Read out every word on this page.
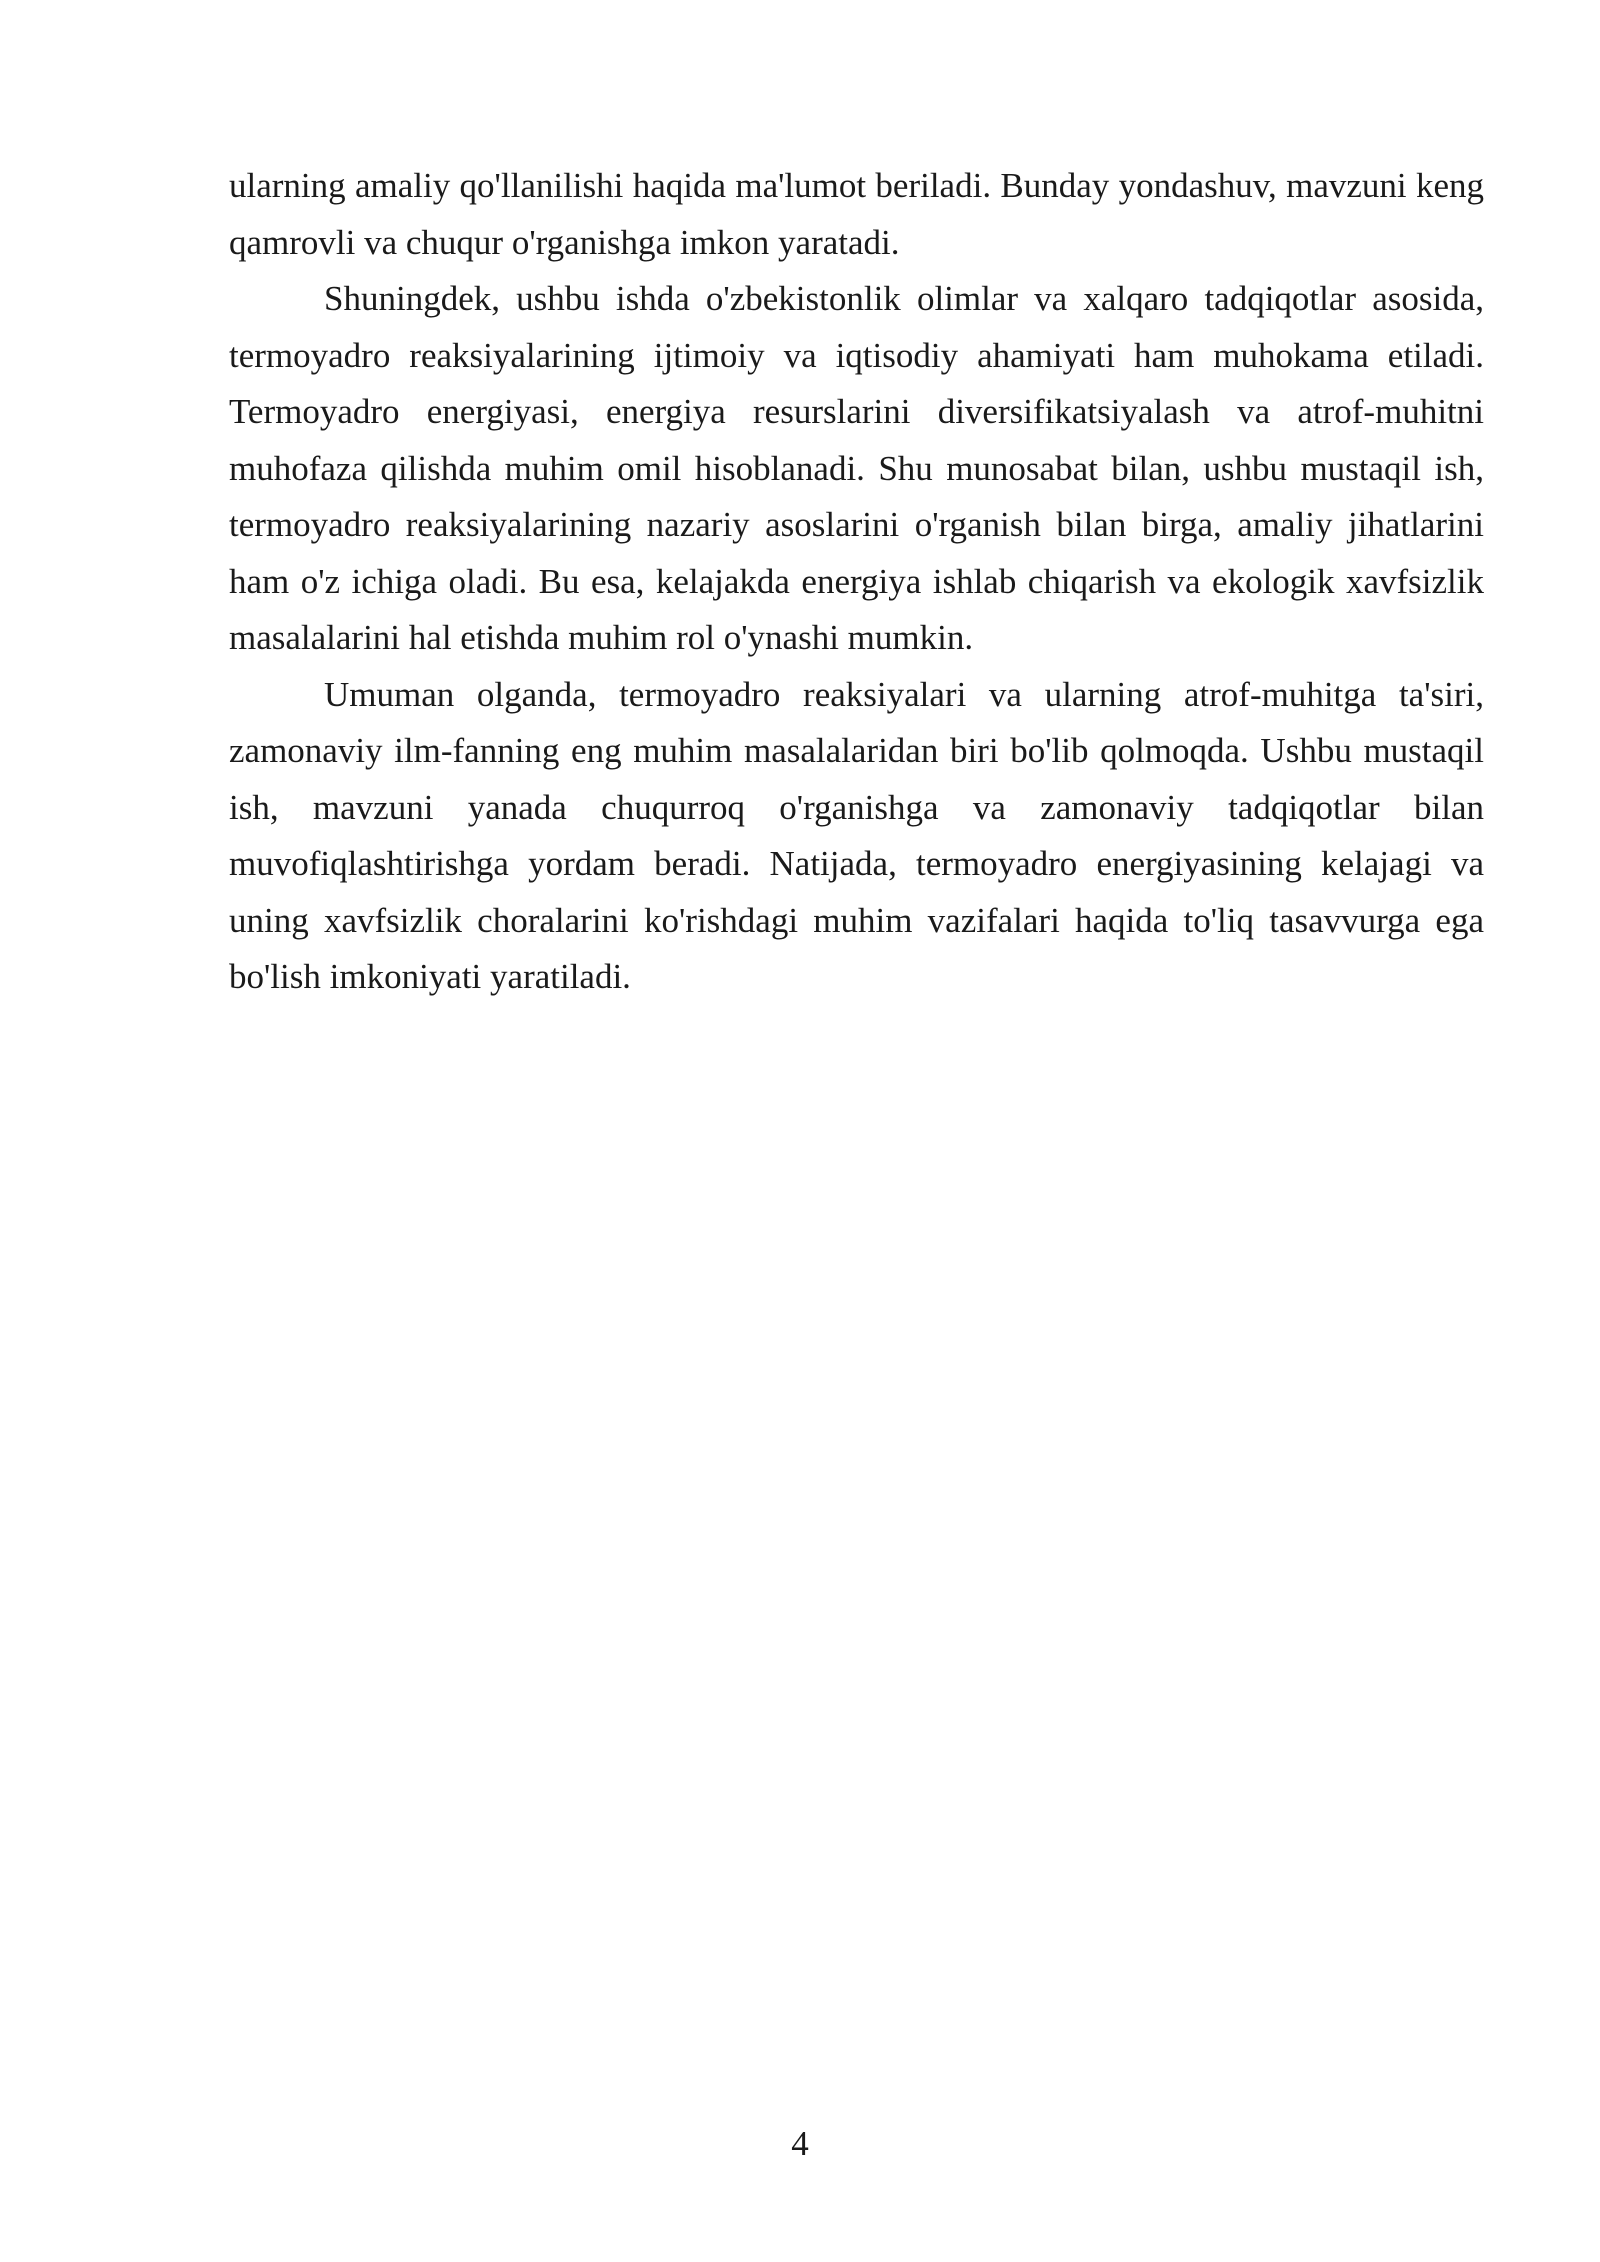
ularning amaliy qo'llanilishi haqida ma'lumot beriladi. Bunday yondashuv, mavzuni keng qamrovli va chuqur o'rganishga imkon yaratadi.

Shuningdek, ushbu ishda o'zbekistonlik olimlar va xalqaro tadqiqotlar asosida, termoyadro reaksiyalarining ijtimoiy va iqtisodiy ahamiyati ham muhokama etiladi. Termoyadro energiyasi, energiya resurslarini diversifikatsiyalash va atrof-muhitni muhofaza qilishda muhim omil hisoblanadi. Shu munosabat bilan, ushbu mustaqil ish, termoyadro reaksiyalarining nazariy asoslarini o'rganish bilan birga, amaliy jihatlarini ham o'z ichiga oladi. Bu esa, kelajakda energiya ishlab chiqarish va ekologik xavfsizlik masalalarini hal etishda muhim rol o'ynashi mumkin.

Umuman olganda, termoyadro reaksiyalari va ularning atrof-muhitga ta'siri, zamonaviy ilm-fanning eng muhim masalalaridan biri bo'lib qolmoqda. Ushbu mustaqil ish, mavzuni yanada chuqurroq o'rganishga va zamonaviy tadqiqotlar bilan muvofiqlashtirishga yordam beradi. Natijada, termoyadro energiyasining kelajagi va uning xavfsizlik choralarini ko'rishdagi muhim vazifalari haqida to'liq tasavvurga ega bo'lish imkoniyati yaratiladi.

4
